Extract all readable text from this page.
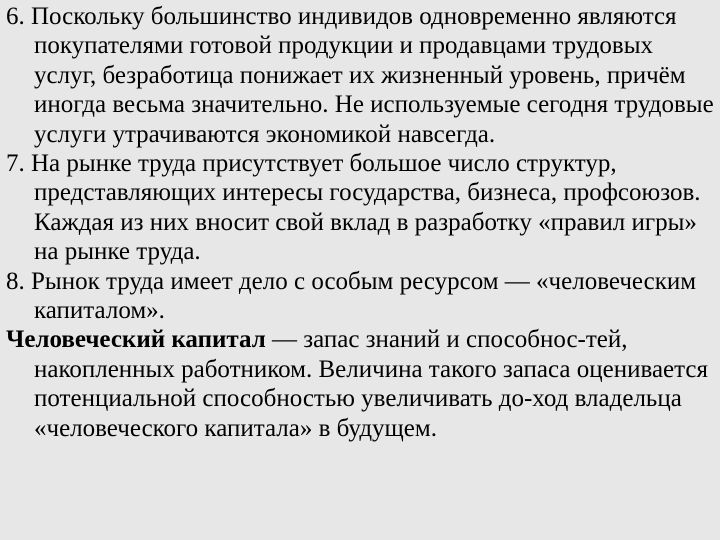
6. Поскольку большинство индивидов одновременно являются покупателями готовой продукции и продавцами трудовых услуг, безработица понижает их жизненный уровень, причём иногда весьма значительно. Не используемые сегодня трудовые услуги утрачиваются экономикой навсегда.

7. На рынке труда присутствует большое число структур, представляющих интересы государства, бизнеса, профсоюзов. Каждая из них вносит свой вклад в разработку «правил игры» на рынке труда.

8. Рынок труда имеет дело с особым ресурсом — «человеческим капиталом».

Человеческий капитал — запас знаний и способнос-тей, накопленных работником. Величина такого запаса оценивается потенциальной способностью увеличивать до-ход владельца «человеческого капитала» в будущем.
